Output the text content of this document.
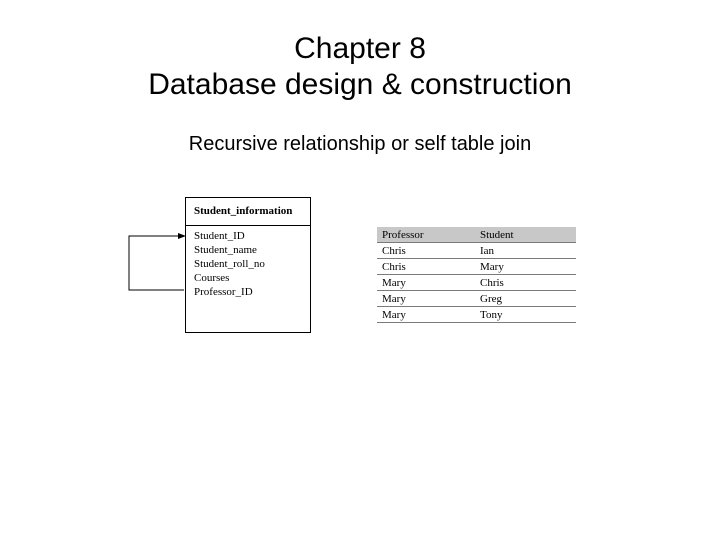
Chapter 8
Database design & construction
Recursive relationship or self table join
Student_information
Student_ID
Student_name
Student_roll_no
Courses
Professor_ID
Professor	Student
Chris	Ian
Chris	Mary
Mary	Chris
Mary	Greg
Mary	Tony
